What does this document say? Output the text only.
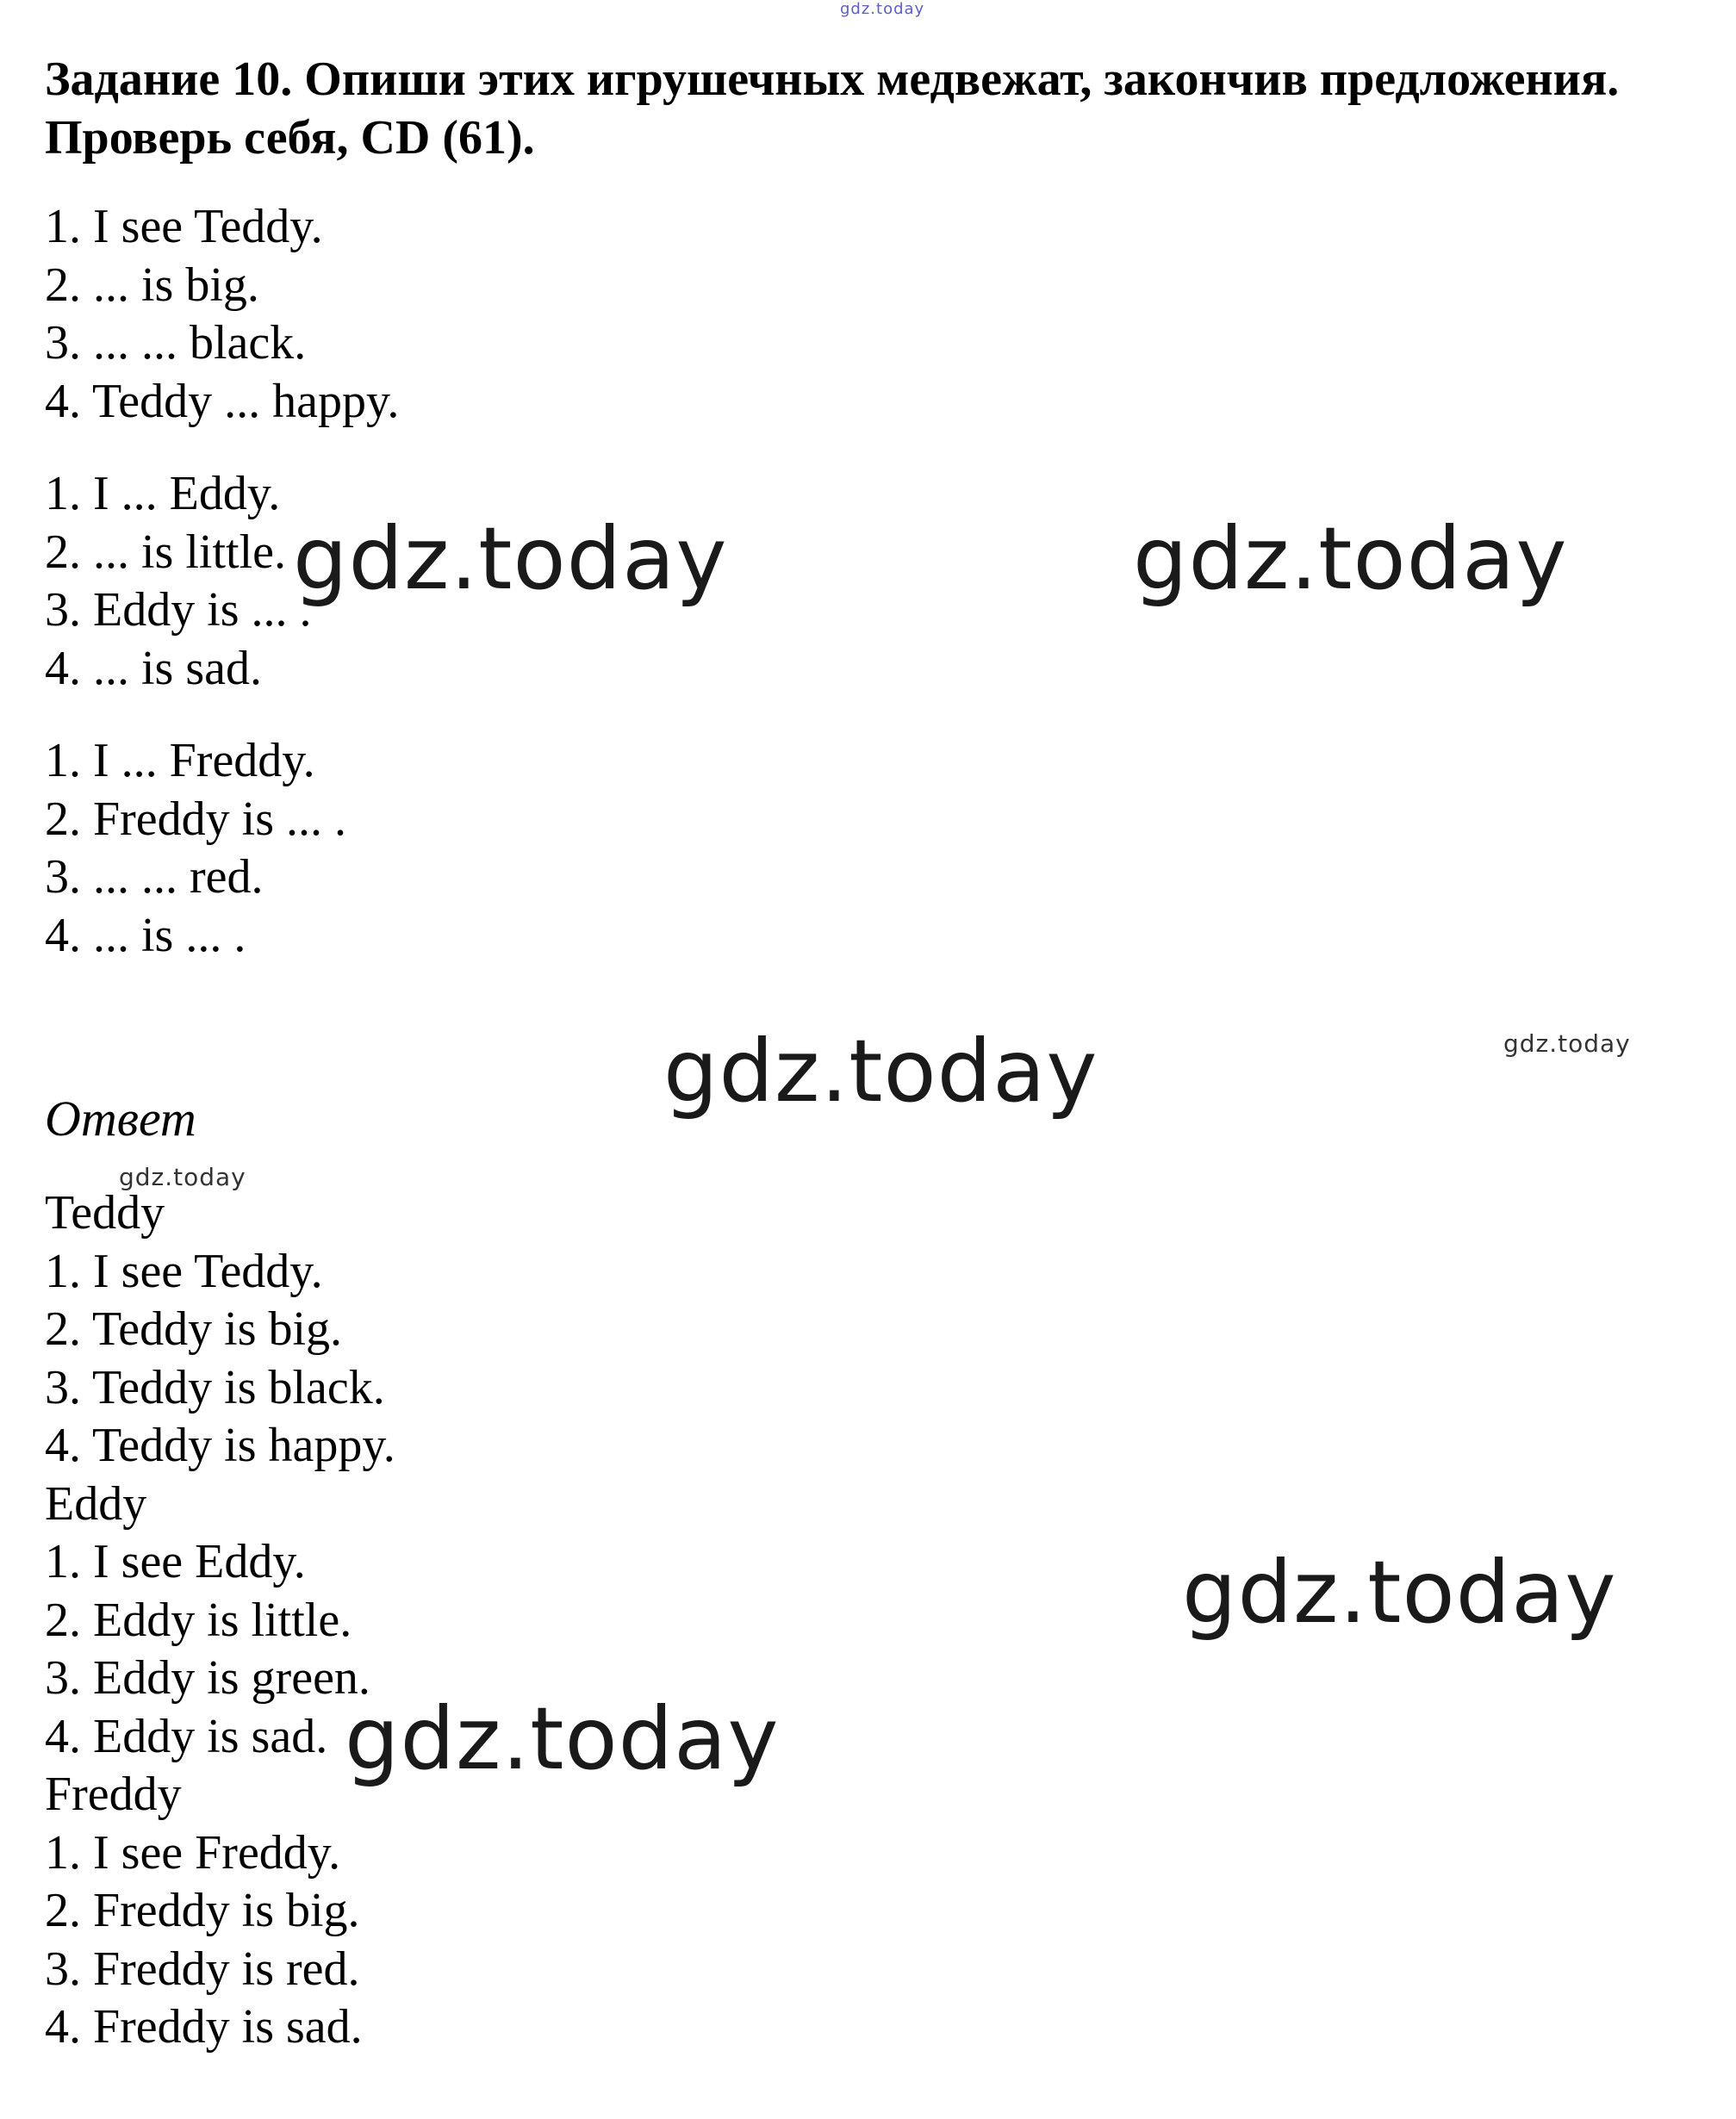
gdz.today
Задание 10. Опиши этих игрушечных медвежат, закончив предложения. Проверь себя, CD (61).
1. I see Teddy.
2. ... is big.
3. ... ... black.
4. Teddy ... happy.
1. I ... Eddy.
2. ... is little.
3. Eddy is ... .
4. ... is sad.
1. I ... Freddy.
2. Freddy is ... .
3. ... ... red.
4. ... is ... .
Ответ
Teddy
1. I see Teddy.
2. Teddy is big.
3. Teddy is black.
4. Teddy is happy.
Eddy
1. I see Eddy.
2. Eddy is little.
3. Eddy is green.
4. Eddy is sad.
Freddy
1. I see Freddy.
2. Freddy is big.
3. Freddy is red.
4. Freddy is sad.
gdz.today	gdz.today
gdz.today	gdz.today
gdz.today
gdz.today
gdz.today
